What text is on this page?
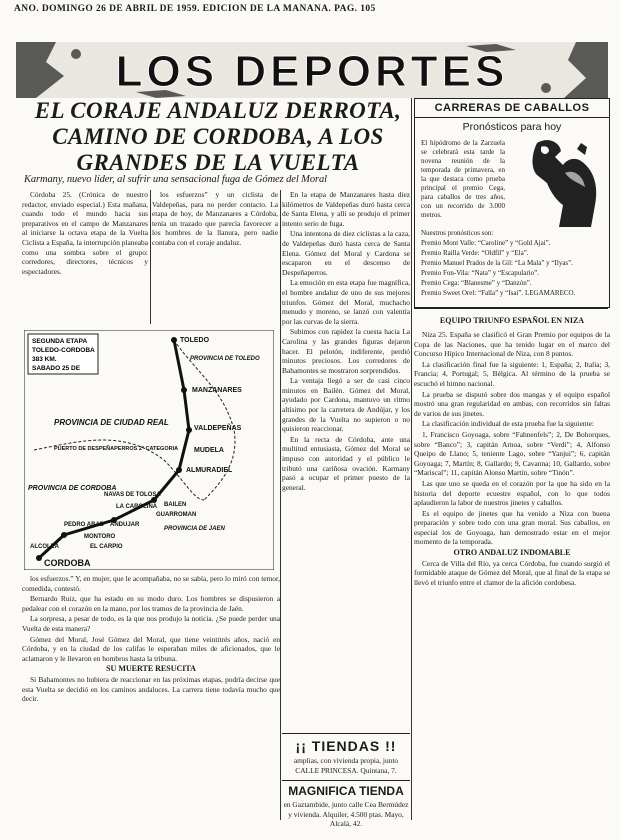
AÑO. DOMINGO 26 DE ABRIL DE 1959. EDICION DE LA MAÑANA. PAG. 105
LOS DEPORTES
EL CORAJE ANDALUZ DERROTA, CAMINO DE CORDOBA, A LOS GRANDES DE LA VUELTA
Karmany, nuevo líder, al sufrir una sensacional fuga de Gómez del Moral

Córdoba 25. (Crónica de nuestro redactor, enviado especial.) Esta mañana, cuando todo el mundo hacia sus preparativos en el campo de Manzanares al iniciarse la octava etapa de la Vuelta Ciclista a España, la interrupción planeaba como una sombra sobre el grupo: corredores, directores, técnicos y espectadores.

los esfuerzos” y un ciclista de Valdepeñas, para no perder contacto. La etapa de hoy, de Manzanares a Córdoba, tenía un trazado que parecía favorecer a los hombres de la llanura, pero nadie contaba con el coraje andaluz.

SEGUNDA ETAPA
TOLEDO-CORDOBA
383 KM.
SABADO 25 DE
TOLEDO
PROVINCIA DE TOLEDO
PROVINCIA DE CIUDAD REAL
MANZANARES
VALDEPEÑAS
MUDELA
ALMURADIEL
PUERTO DE DESPEÑAPERROS 2ª CATEGORIA
PROVINCIA DE CORDOBA
NAVAS DE TOLOSA
LA CAROLINA BAILEN
ANDUJAR
GUARROMAN
MONTORO
PEDRO ABAD
ALCOLEA	EL CARPIO
PROVINCIA DE JAEN
CORDOBA

los esfuerzos.” Y, en mujer, que le acompañaba, no se sabía, pero lo miró con temor, comedida, contestó.

Bernardo Ruiz, que ha estado en su modo duro. Los hombres se dispusieron a pedalear con el corazón en la mano, por los tramos de la provincia de Jaén.

La sorpresa, a pesar de todo, es la que nos produjo la noticia. ¿Se puede perder una Vuelta de esta manera?

Gómez del Moral, José Gómez del Moral, que tiene veintitrés años, nació en Córdoba, y en la ciudad de los califas le esperaban miles de aficionados, que le aclamaron y le llevaron en hombros hasta la tribuna.

SU MUERTE RESUCITA

Si Bahamontes no hubiera de reaccionar en las próximas etapas, podría decirse que esta Vuelta se decidió en los caminos andaluces. La carrera tiene todavía mucho que decir.

En la etapa de Manzanares hasta diez kilómetros de Valdepeñas duró hasta cerca de Santa Elena, y allí se produjo el primer intento serio de fuga.

Una intentona de diez ciclistas a la caza, de Valdepeñas duró hasta cerca de Santa Elena. Gómez del Moral y Cardona se escaparon en el descenso de Despeñaperros.

La emoción en esta etapa fue magnífica, el hombre andaluz de uno de sus mejores triunfos. Gómez del Moral, muchacho menudo y moreno, se lanzó con valentía por las curvas de la sierra.

Subimos con rapidez la cuesta hacia La Carolina y las grandes figuras dejaron hacer. El pelotón, indiferente, perdió minutos preciosos. Los corredores de Bahamontes se mostraron sorprendidos.

La ventaja llegó a ser de casi cinco minutos en Bailén. Gómez del Moral, ayudado por Cardona, mantuvo un ritmo altísimo por la carretera de Andújar, y los grandes de la Vuelta no supieron o no quisieron reaccionar.

En la recta de Córdoba, ante una multitud entusiasta, Gómez del Moral se impuso con autoridad y el público le tributó una cariñosa ovación. Karmany pasó a ocupar el primer puesto de la general.

CARRERAS DE CABALLOS
Pronósticos para hoy
El hipódromo de la Zarzuela se celebrará esta tarde la novena reunión de la temporada de primavera, en la que destaca como prueba principal el premio Cega, para caballos de tres años, con un recorrido de 3.000 metros.
Nuestros pronósticos son:
Premio Mont Valle: “Caroline” y “Gold Ajai”.
Premio Railla Verde: “Oldfil” y “Ela”.
Premio Manuel Prados de la Gil: “La Mala” y “Ilyas”.
Premio Fon-Vila: “Nata” y “Escapulario”.
Premio Cega: “Blanesme” y “Danzón”.
Premio Sweet Orel: “Falla” y “Isai”. LEGAMARECO.
EQUIPO TRIUNFO ESPAÑOL EN NIZA

Niza 25. España se clasificó el Gran Premio por equipos de la Copa de las Naciones, que ha tenido lugar en el marco del Concurso Hípico Internacional de Niza, con 8 puntos.

La clasificación final fue la siguiente: 1, España; 2, Italia; 3, Francia; 4, Portugal; 5, Bélgica. Al término de la prueba se escuchó el himno nacional.

La prueba se disputó sobre dos mangas y el equipo español mostró una gran regularidad en ambas, con recorridos sin faltas de varios de sus jinetes.

La clasificación individual de esta prueba fue la siguiente:

1, Francisco Goyoaga, sobre “Fahnenfels”; 2, De Bohorques, sobre “Banco”; 3, capitán Arnoa, sobre “Verdi”; 4, Alfonso Queipo de Llano; 5, teniente Lago, sobre “Yanjui”; 6, capitán Goyoaga; 7, Martín; 8, Gallardo; 9, Cavanna; 10, Gallardo, sobre “Mariscal”; 11, capitán Alonso Martín, sobre “Tinón”.

Las que uno se queda en el corazón por la que ha sido en la historia del deporte ecuestre español, con lo que todos aplaudieron la labor de nuestros jinetes y caballos.

Es el equipo de jinetes que ha venido a Niza con buena preparación y sobre todo con una gran moral. Sus caballos, en especial los de Goyoaga, han demostrado estar en el mejor momento de la temporada.

OTRO ANDALUZ INDOMABLE

Cerca de Villa del Río, ya cerca Córdoba, fue cuando surgió el formidable ataque de Gómez del Moral, que al final de la etapa se llevó el triunfo entre el clamor de la afición cordobesa.

¡¡ TIENDAS !!
amplias, con vivienda propia, junto CALLE PRINCESA. Quintana, 7.
MAGNIFICA TIENDA
en Gaztambide, junto calle Cea Bermúdez y vivienda. Alquiler, 4.500 ptas. Mayo, Alcalá, 42.
